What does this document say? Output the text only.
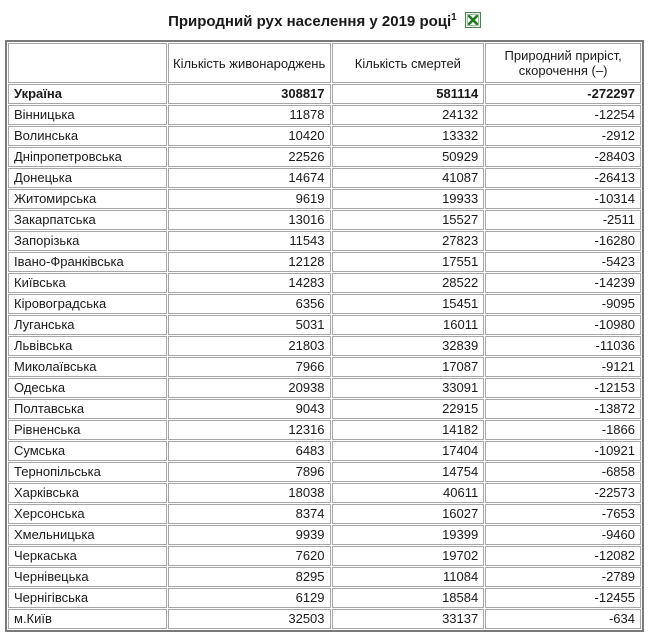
Природний рух населення у 2019 році$^1$
	Кількість живонароджень	Кількість смертей	Природний приріст, скорочення (–)
Україна	308817	581114	-272297
Вінницька	11878	24132	-12254
Волинська	10420	13332	-2912
Дніпропетровська	22526	50929	-28403
Донецька	14674	41087	-26413
Житомирська	9619	19933	-10314
Закарпатська	13016	15527	-2511
Запорізька	11543	27823	-16280
Івано-Франківська	12128	17551	-5423
Київська	14283	28522	-14239
Кіровоградська	6356	15451	-9095
Луганська	5031	16011	-10980
Львівська	21803	32839	-11036
Миколаївська	7966	17087	-9121
Одеська	20938	33091	-12153
Полтавська	9043	22915	-13872
Рівненська	12316	14182	-1866
Сумська	6483	17404	-10921
Тернопільська	7896	14754	-6858
Харківська	18038	40611	-22573
Херсонська	8374	16027	-7653
Хмельницька	9939	19399	-9460
Черкаська	7620	19702	-12082
Чернівецька	8295	11084	-2789
Чернігівська	6129	18584	-12455
м.Київ	32503	33137	-634
